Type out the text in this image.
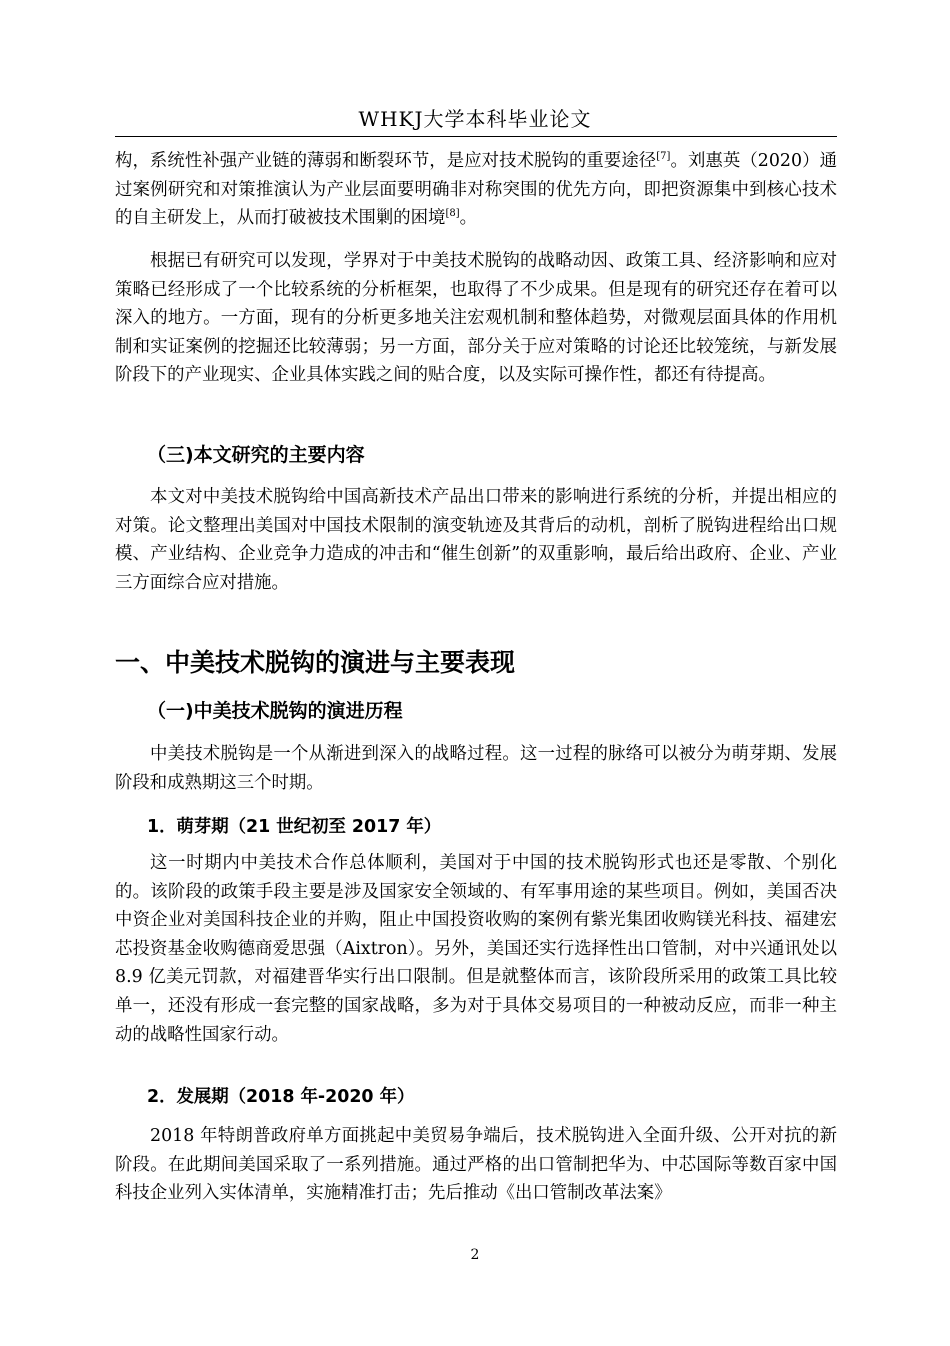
WHKJ大学本科毕业论文

构，系统性补强产业链的薄弱和断裂环节，是应对技术脱钩的重要途径[7]。刘惠英（2020）通过案例研究和对策推演认为产业层面要明确非对称突围的优先方向，即把资源集中到核心技术的自主研发上，从而打破被技术围剿的困境[8]。

根据已有研究可以发现，学界对于中美技术脱钩的战略动因、政策工具、经济影响和应对策略已经形成了一个比较系统的分析框架，也取得了不少成果。但是现有的研究还存在着可以深入的地方。一方面，现有的分析更多地关注宏观机制和整体趋势，对微观层面具体的作用机制和实证案例的挖掘还比较薄弱；另一方面，部分关于应对策略的讨论还比较笼统，与新发展阶段下的产业现实、企业具体实践之间的贴合度，以及实际可操作性，都还有待提高。

（三)本文研究的主要内容

本文对中美技术脱钩给中国高新技术产品出口带来的影响进行系统的分析，并提出相应的对策。论文整理出美国对中国技术限制的演变轨迹及其背后的动机，剖析了脱钩进程给出口规模、产业结构、企业竞争力造成的冲击和“催生创新”的双重影响，最后给出政府、企业、产业三方面综合应对措施。

一、中美技术脱钩的演进与主要表现
（一)中美技术脱钩的演进历程

中美技术脱钩是一个从渐进到深入的战略过程。这一过程的脉络可以被分为萌芽期、发展阶段和成熟期这三个时期。

1．萌芽期（21 世纪初至 2017 年）

这一时期内中美技术合作总体顺利，美国对于中国的技术脱钩形式也还是零散、个别化的。该阶段的政策手段主要是涉及国家安全领域的、有军事用途的某些项目。例如，美国否决中资企业对美国科技企业的并购，阻止中国投资收购的案例有紫光集团收购镁光科技、福建宏芯投资基金收购德商爱思强（Aixtron）。另外，美国还实行选择性出口管制，对中兴通讯处以 8.9 亿美元罚款，对福建晋华实行出口限制。但是就整体而言，该阶段所采用的政策工具比较单一，还没有形成一套完整的国家战略，多为对于具体交易项目的一种被动反应，而非一种主动的战略性国家行动。

2．发展期（2018 年-2020 年）

2018 年特朗普政府单方面挑起中美贸易争端后，技术脱钩进入全面升级、公开对抗的新阶段。在此期间美国采取了一系列措施。通过严格的出口管制把华为、中芯国际等数百家中国科技企业列入实体清单，实施精准打击；先后推动《出口管制改革法案》

2
